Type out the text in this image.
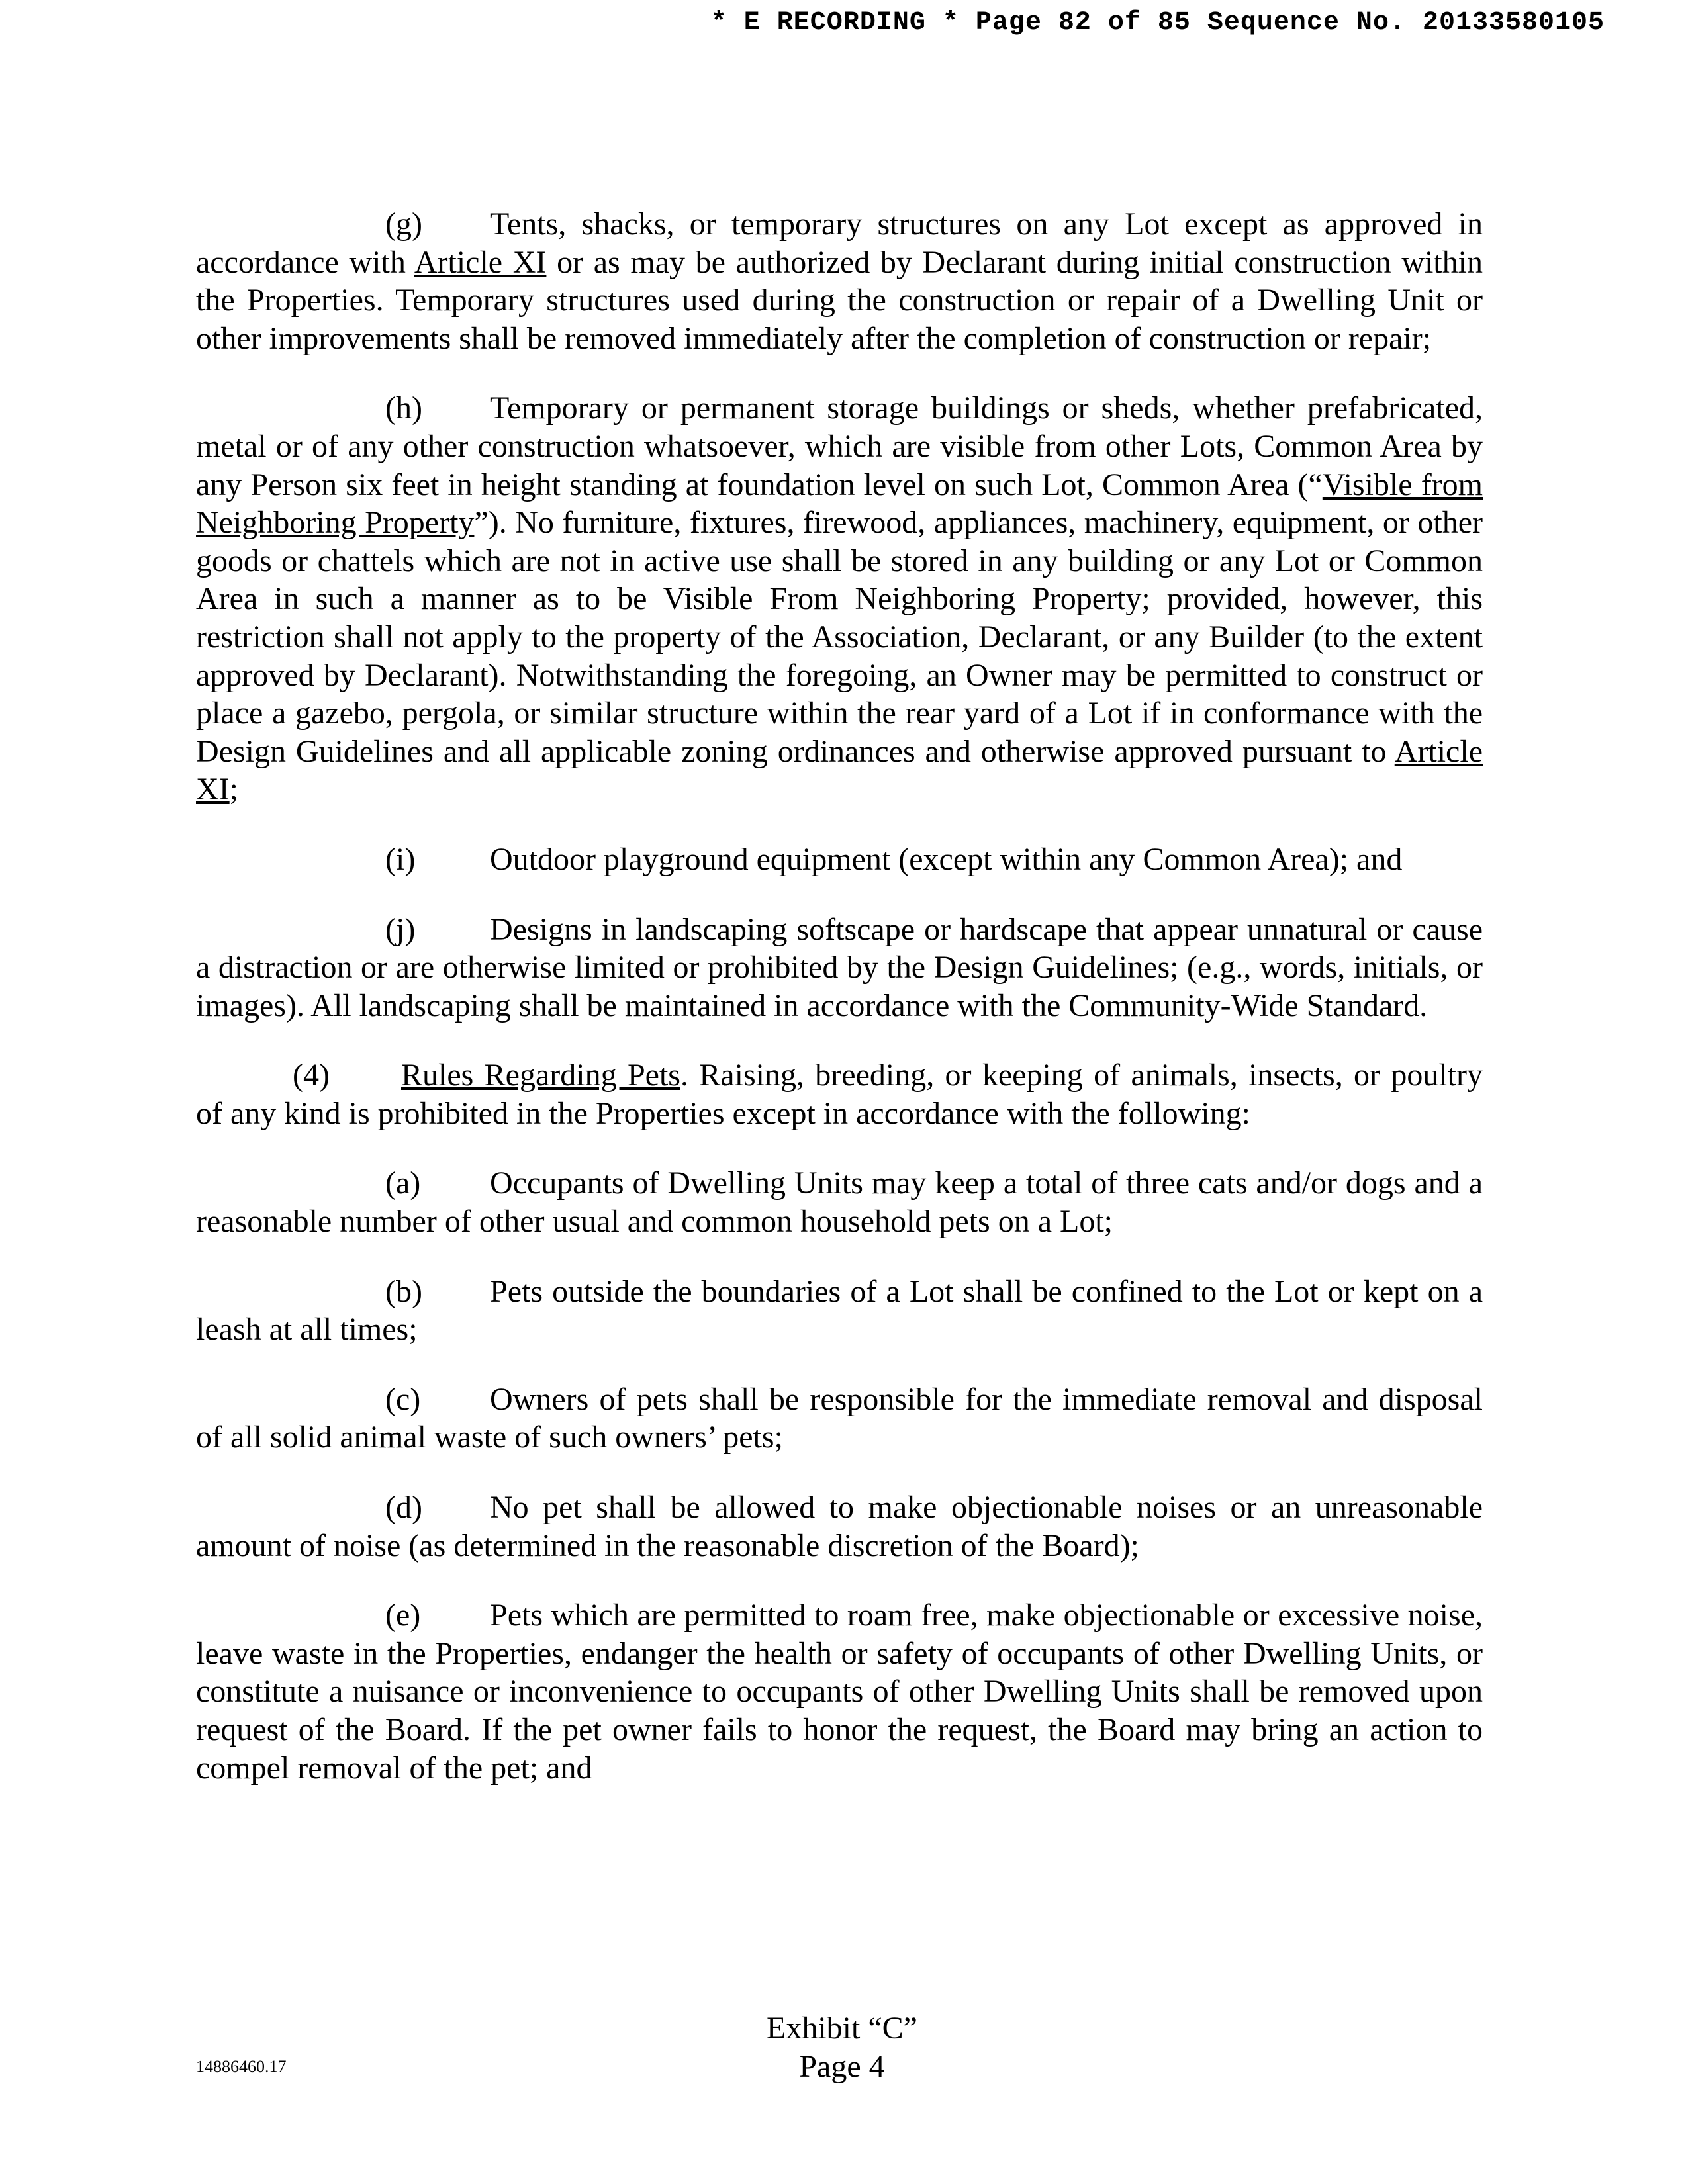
* E RECORDING * Page 82 of 85 Sequence No. 20133580105

(g) Tents, shacks, or temporary structures on any Lot except as approved in accordance with Article XI or as may be authorized by Declarant during initial construction within the Properties. Temporary structures used during the construction or repair of a Dwelling Unit or other improvements shall be removed immediately after the completion of construction or repair;

(h) Temporary or permanent storage buildings or sheds, whether prefabricated, metal or of any other construction whatsoever, which are visible from other Lots, Common Area by any Person six feet in height standing at foundation level on such Lot, Common Area (“Visible from Neighboring Property”). No furniture, fixtures, firewood, appliances, machinery, equipment, or other goods or chattels which are not in active use shall be stored in any building or any Lot or Common Area in such a manner as to be Visible From Neighboring Property; provided, however, this restriction shall not apply to the property of the Association, Declarant, or any Builder (to the extent approved by Declarant). Notwithstanding the foregoing, an Owner may be permitted to construct or place a gazebo, pergola, or similar structure within the rear yard of a Lot if in conformance with the Design Guidelines and all applicable zoning ordinances and otherwise approved pursuant to Article XI;

(i) Outdoor playground equipment (except within any Common Area); and

(j) Designs in landscaping softscape or hardscape that appear unnatural or cause a distraction or are otherwise limited or prohibited by the Design Guidelines; (e.g., words, initials, or images). All landscaping shall be maintained in accordance with the Community-Wide Standard.

(4) Rules Regarding Pets. Raising, breeding, or keeping of animals, insects, or poultry of any kind is prohibited in the Properties except in accordance with the following:

(a) Occupants of Dwelling Units may keep a total of three cats and/or dogs and a reasonable number of other usual and common household pets on a Lot;

(b) Pets outside the boundaries of a Lot shall be confined to the Lot or kept on a leash at all times;

(c) Owners of pets shall be responsible for the immediate removal and disposal of all solid animal waste of such owners’ pets;

(d) No pet shall be allowed to make objectionable noises or an unreasonable amount of noise (as determined in the reasonable discretion of the Board);

(e) Pets which are permitted to roam free, make objectionable or excessive noise, leave waste in the Properties, endanger the health or safety of occupants of other Dwelling Units, or constitute a nuisance or inconvenience to occupants of other Dwelling Units shall be removed upon request of the Board. If the pet owner fails to honor the request, the Board may bring an action to compel removal of the pet; and

14886460.17
Exhibit “C”
Page 4
